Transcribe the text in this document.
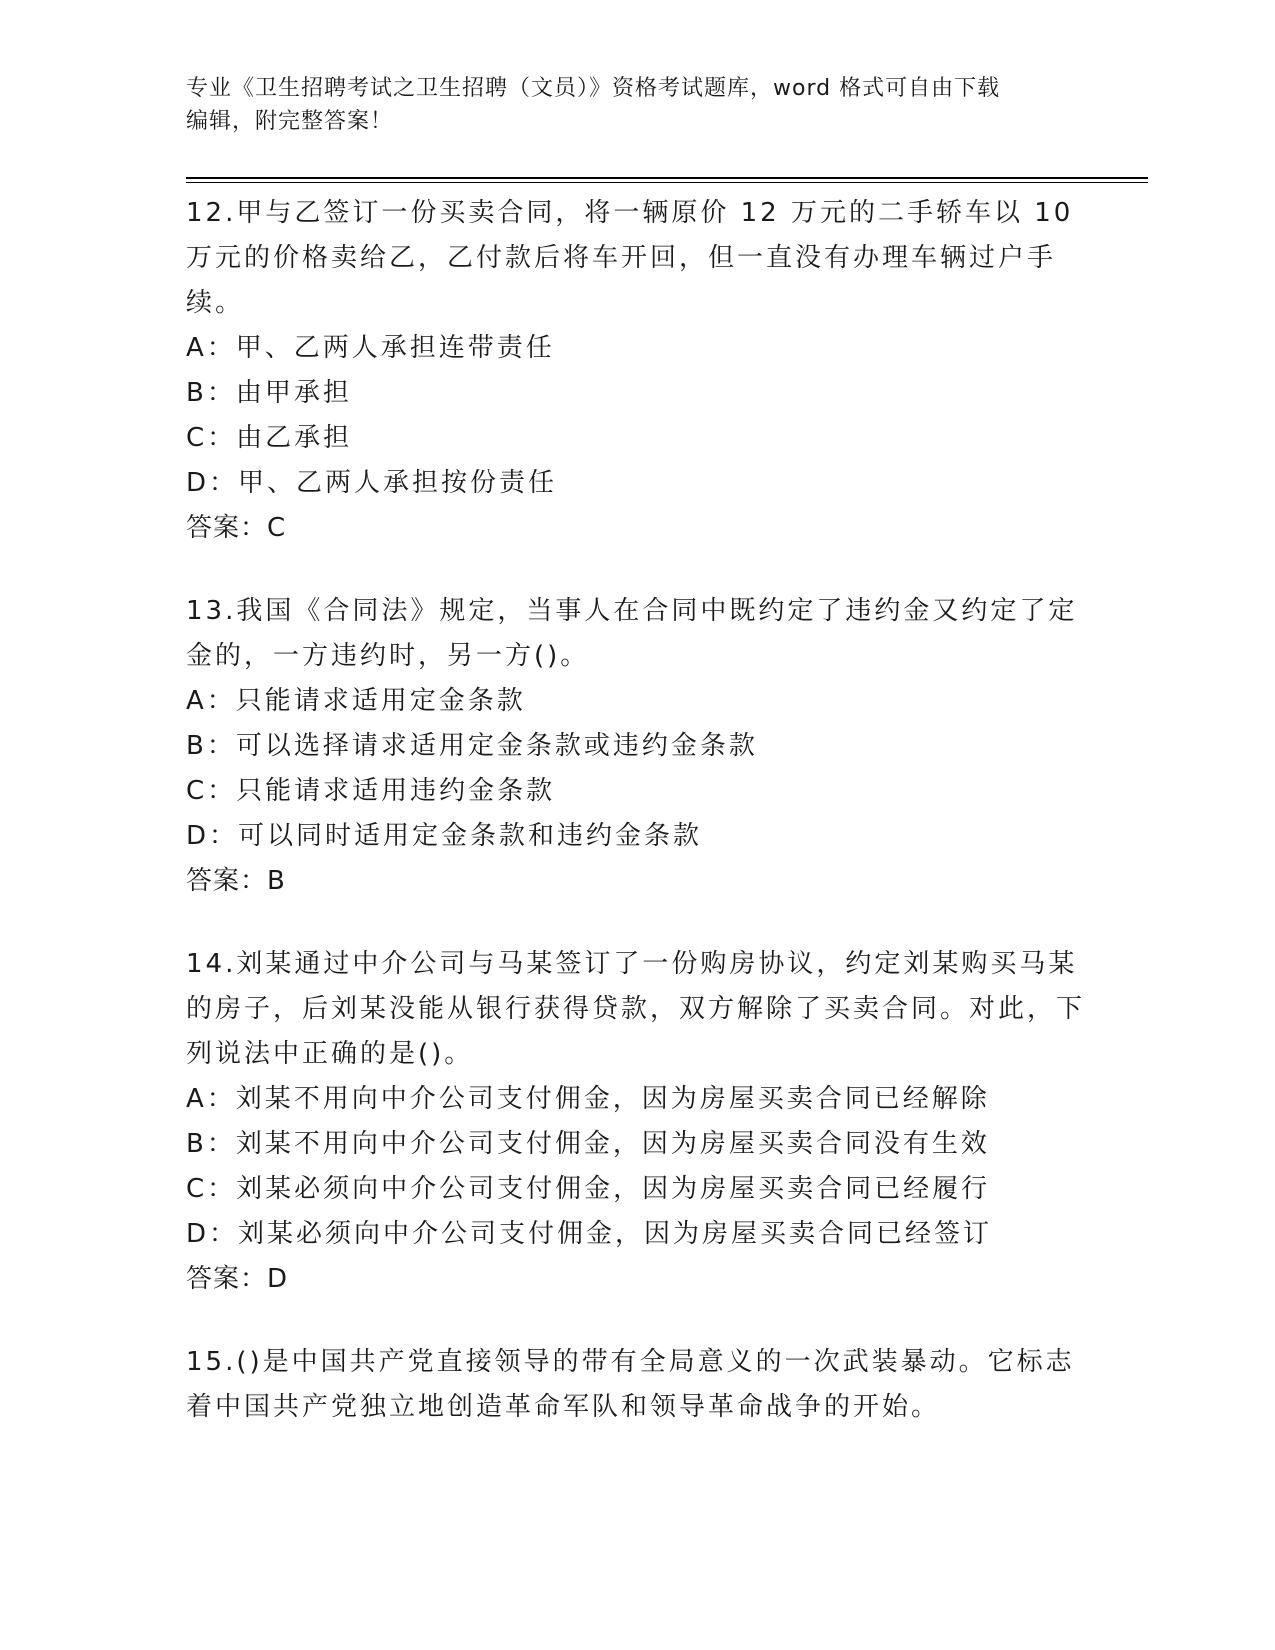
专业《卫生招聘考试之卫生招聘（文员）》资格考试题库，word 格式可自由下载
编辑，附完整答案！

12.甲与乙签订一份买卖合同，将一辆原价 12 万元的二手轿车以 10 万元的价格卖给乙，乙付款后将车开回，但一直没有办理车辆过户手续。

A：甲、乙两人承担连带责任

B：由甲承担

C：由乙承担

D：甲、乙两人承担按份责任

答案：C

13.我国《合同法》规定，当事人在合同中既约定了违约金又约定了定金的，一方违约时，另一方()。

A：只能请求适用定金条款

B：可以选择请求适用定金条款或违约金条款

C：只能请求适用违约金条款

D：可以同时适用定金条款和违约金条款

答案：B

14.刘某通过中介公司与马某签订了一份购房协议，约定刘某购买马某的房子，后刘某没能从银行获得贷款，双方解除了买卖合同。对此，下列说法中正确的是()。

A：刘某不用向中介公司支付佣金，因为房屋买卖合同已经解除

B：刘某不用向中介公司支付佣金，因为房屋买卖合同没有生效

C：刘某必须向中介公司支付佣金，因为房屋买卖合同已经履行

D：刘某必须向中介公司支付佣金，因为房屋买卖合同已经签订

答案：D

15.()是中国共产党直接领导的带有全局意义的一次武装暴动。它标志着中国共产党独立地创造革命军队和领导革命战争的开始。
